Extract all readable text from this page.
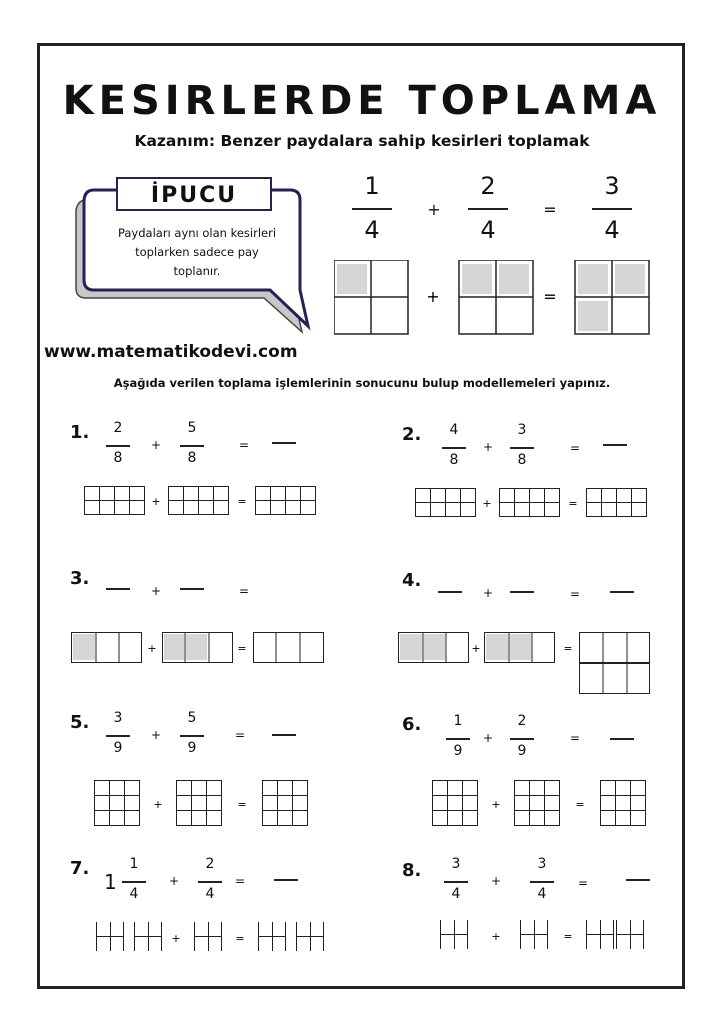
KESIRLERDE TOPLAMA
Kazanım: Benzer paydalara sahip kesirleri toplamak
İPUCU
Paydaları aynı olan kesirleri
toplarken sadece pay
toplanır.
1
4
+
2
4
=
3
4
+	=
www.matematikodevi.com
Aşağıda verilen toplama işlemlerinin sonucunu bulup modellemeleri yapınız.
1.	2
8
+
5
8
=
+	=
2.	4
8
+
3
8
=
+	=
3.
+	=
+	=
4.
+	=
+	=
5.	3
9
+
5
9
=
+	=
6.	1
9
+
2
9
=
+	=
7.
1
1
4
+
2
4
=
+	=
8.	3
4
+
3
4
=
+	=
